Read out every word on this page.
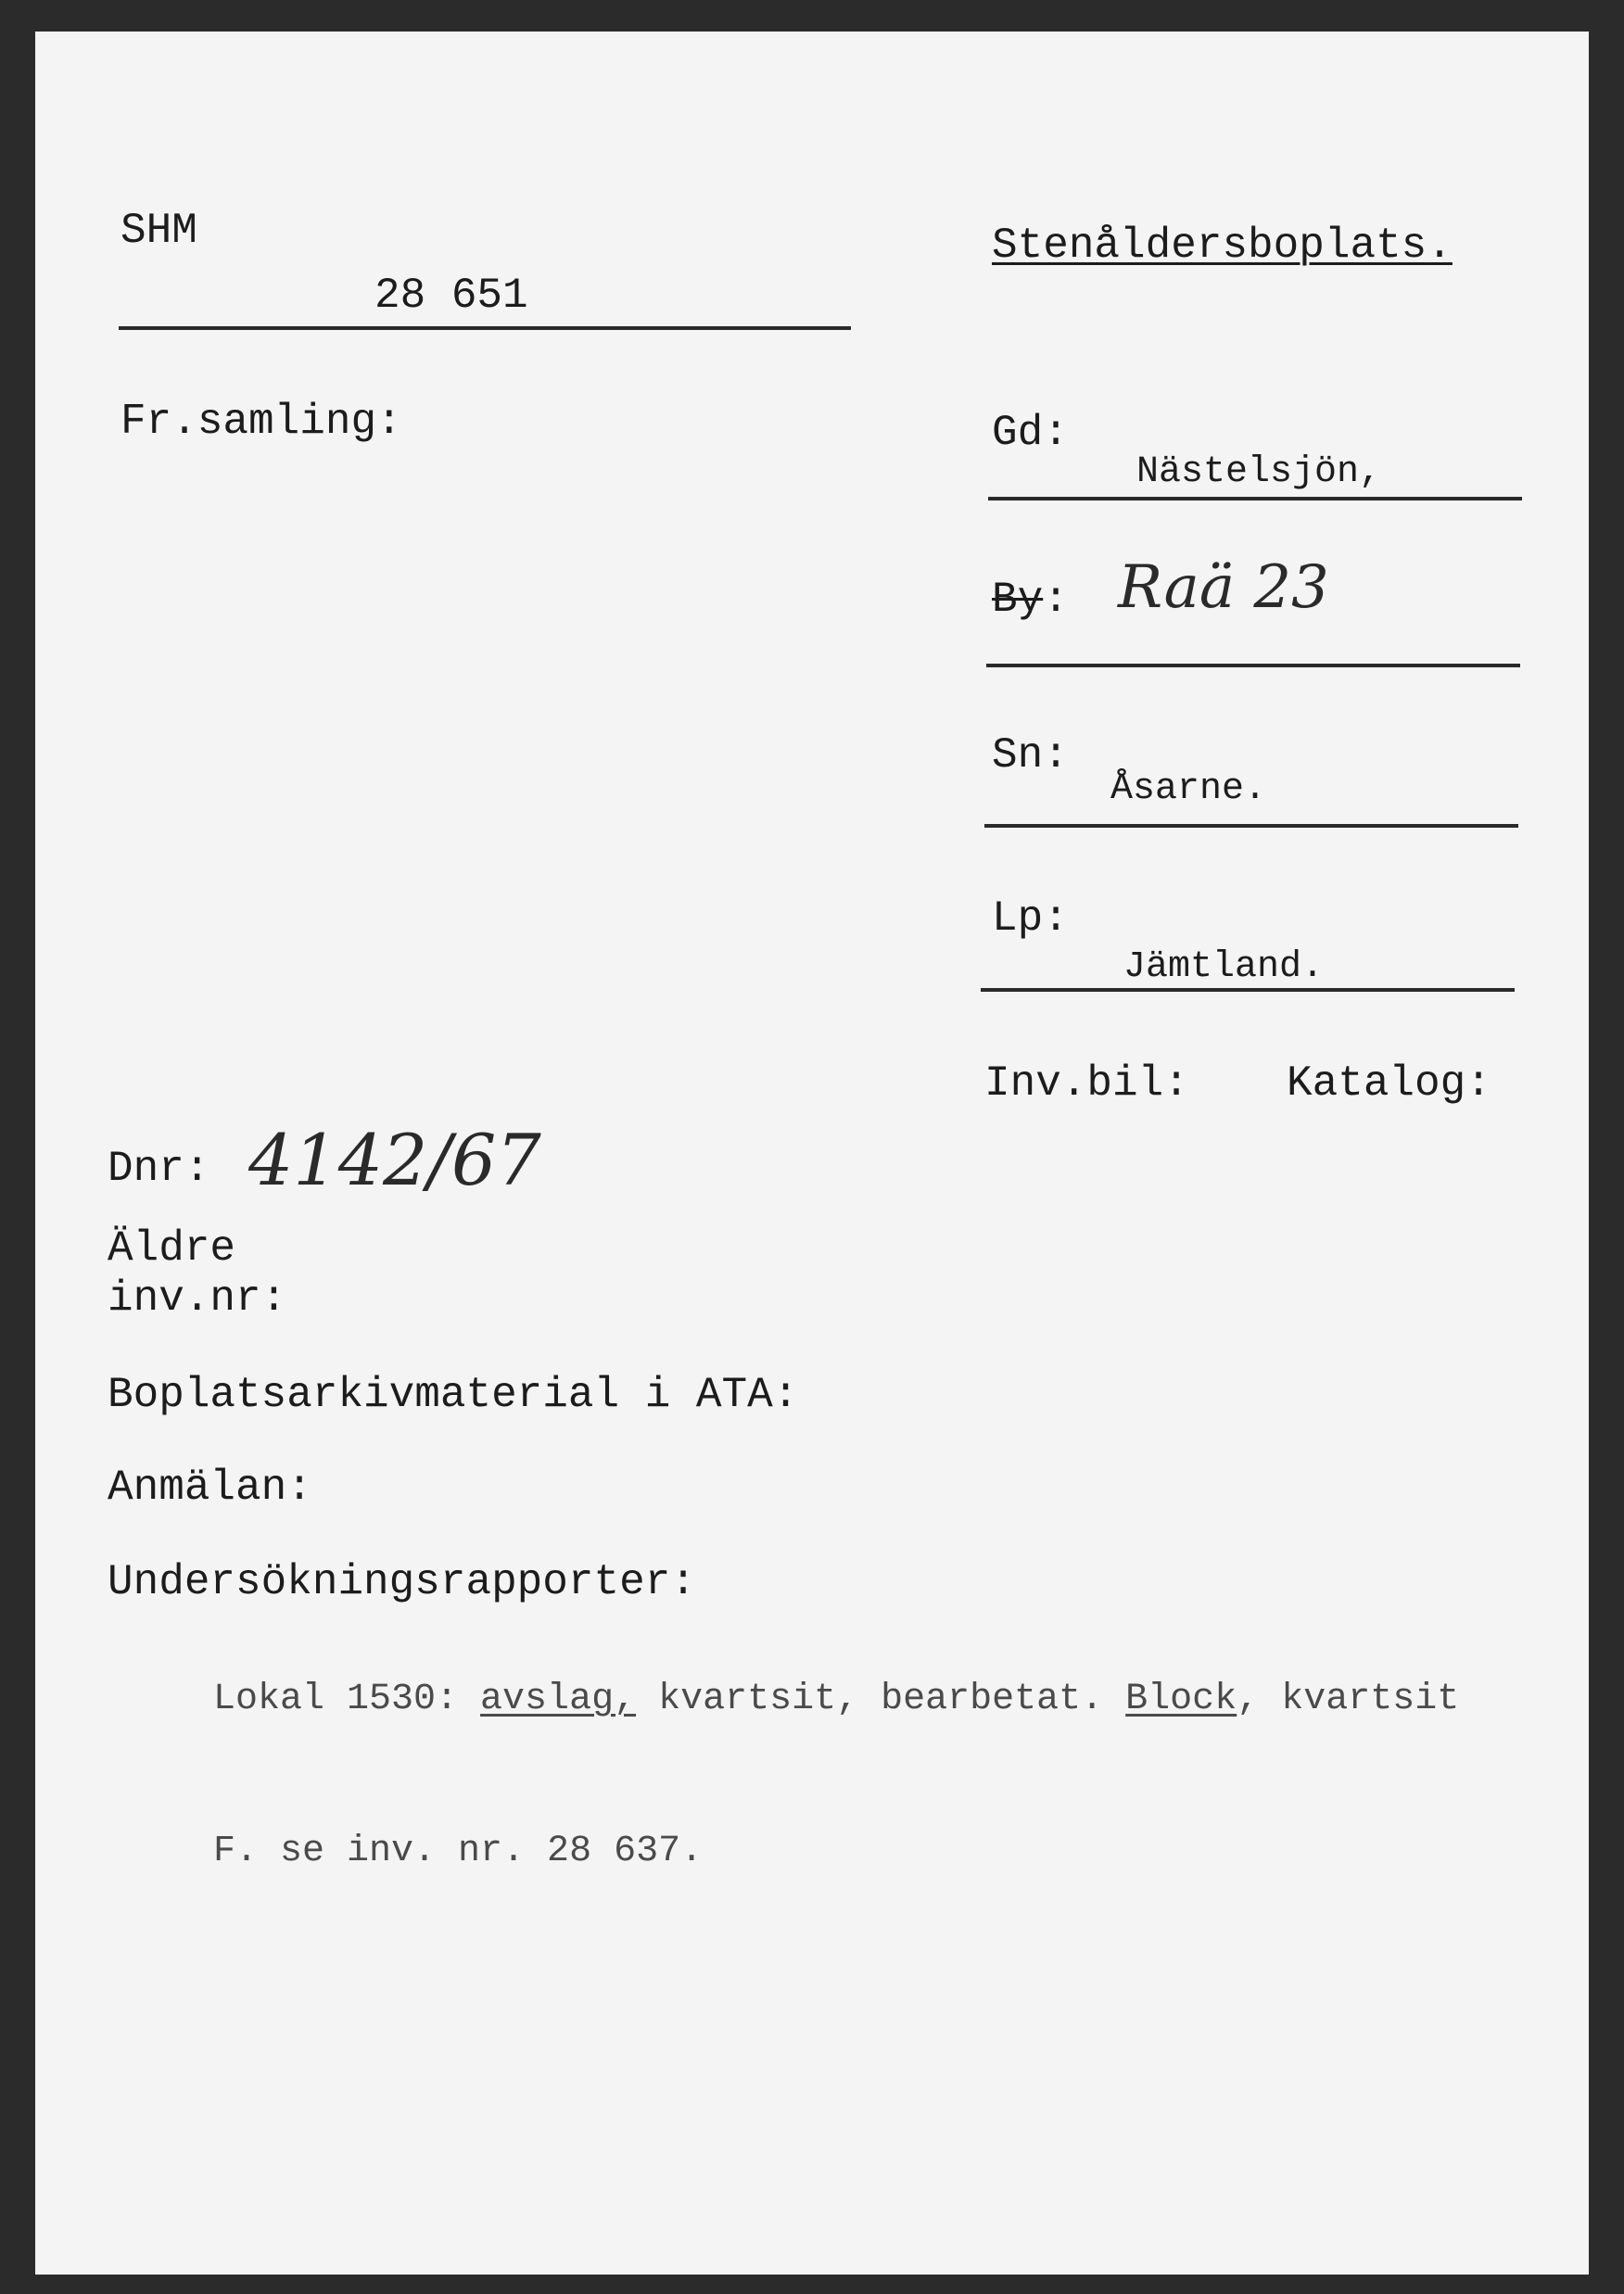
SHM
28 651
Stenåldersboplats.
Fr.samling:	Gd:
Nästelsjön,
By: Raä 23
Sn:
Åsarne.
Lp:
Jämtland.
Inv.bil: Katalog:
Dnr: 4142/67
Äldre
inv.nr:
Boplatsarkivmaterial i ATA:
Anmälan:
Undersökningsrapporter:
Lokal 1530: avslag, kvartsit, bearbetat. Block, kvartsit
F. se inv. nr. 28 637.
